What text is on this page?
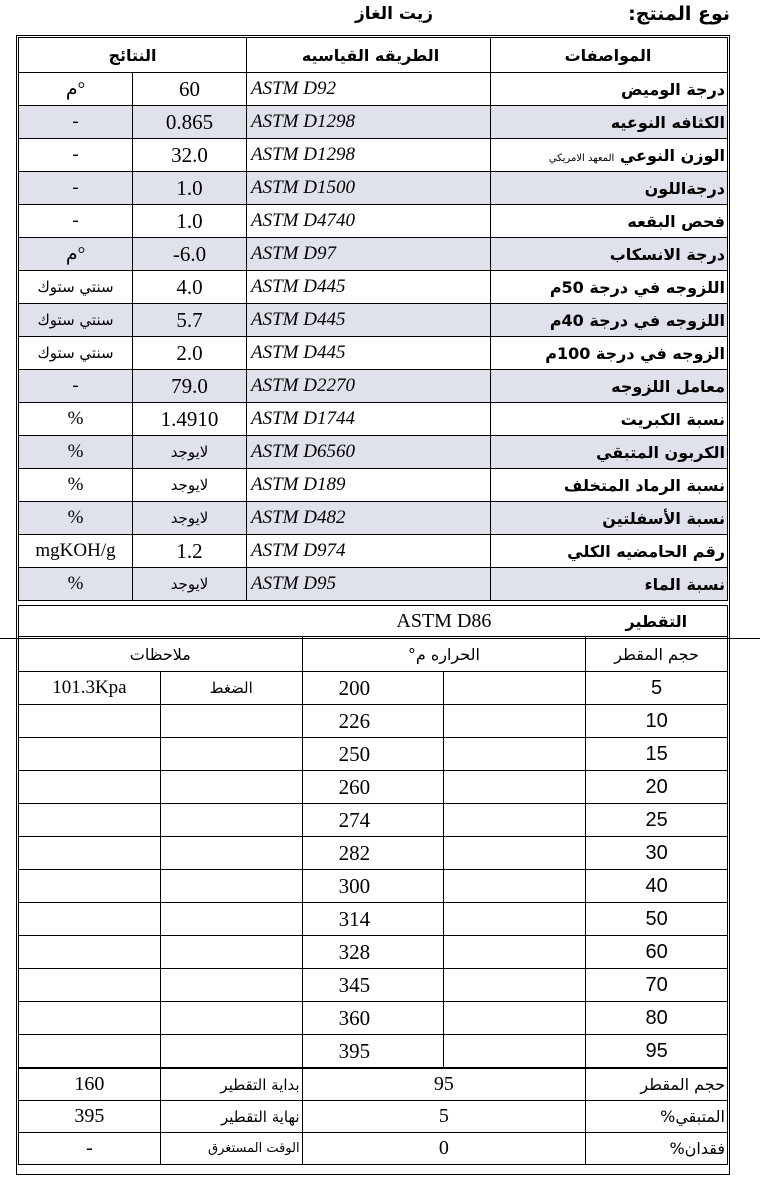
نوع المنتج:
زيت الغاز
النتائج		الطريقه القياسيه	المواصفات
م°	60	ASTM D92	درجة الوميض
-	0.865	ASTM D1298	الكثافه النوعيه
-	32.0	ASTM D1298	الوزن النوعي المعهد الامريكي
-	1.0	ASTM D1500	درجةاللون
-	1.0	ASTM D4740	فحص البقعه
م°	-6.0	ASTM D97	درجة الانسكاب
سنتي ستوك	4.0	ASTM D445	اللزوجه في درجة 50م
سنتي ستوك	5.7	ASTM D445	اللزوجه في درجة 40م
سنتي ستوك	2.0	ASTM D445	الزوجه في درجة 100م
-	79.0	ASTM D2270	معامل اللزوجه
%	1.4910	ASTM D1744	نسبة الكبريت
%	لايوجد	ASTM D6560	الكربون المتبقي
%	لايوجد	ASTM D189	نسبة الرماد المتخلف
%	لايوجد	ASTM D482	نسبة الأسفلتين
mgKOH/g	1.2	ASTM D974	رقم الحامضيه الكلي
%	لايوجد	ASTM D95	نسبة الماء
		ASTM D86		التقطير
ملاحظات		الحراره م°		حجم المقطر
101.3Kpa	الضغط	200		5
		226		10
		250		15
		260		20
		274		25
		282		30
		300		40
		314		50
		328		60
		345		70
		360		80
		395		95
160	بداية التقطير	95		حجم المقطر
395	نهاية التقطير	5		المتبقي%
-	الوقت المستغرق	0		فقدان%
